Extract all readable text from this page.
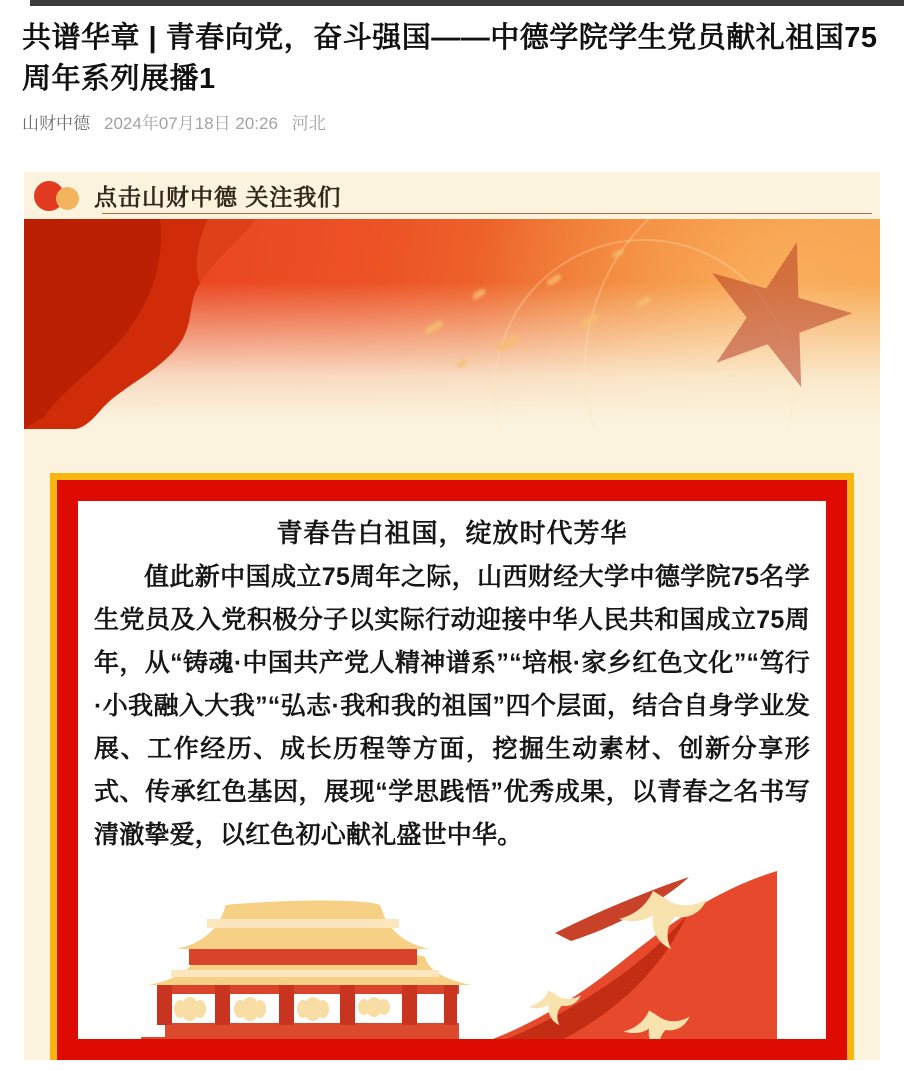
共谱华章 | 青春向党，奋斗强国——中德学院学生党员献礼祖国75周年系列展播1
山财中德 2024年07月18日 20:26 河北
点击山财中德 关注我们
青春告白祖国，绽放时代芳华

值此新中国成立75周年之际，山西财经大学中德学院75名学生党员及入党积极分子以实际行动迎接中华人民共和国成立75周年，从“铸魂·中国共产党人精神谱系”“培根·家乡红色文化”“笃行·小我融入大我”“弘志·我和我的祖国”四个层面，结合自身学业发展、工作经历、成长历程等方面，挖掘生动素材、创新分享形式、传承红色基因，展现“学思践悟”优秀成果，以青春之名书写清澈挚爱，以红色初心献礼盛世中华。
